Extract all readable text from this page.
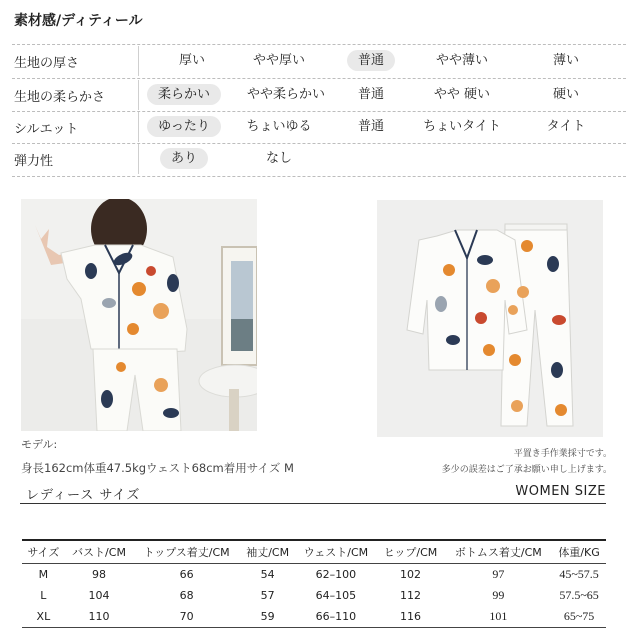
素材感/ディティール
生地の厚さ	厚い	やや厚い	普通	やや薄い	薄い
生地の柔らかさ	柔らかい	やや柔らかい	普通	やや 硬い	硬い
シルエット	ゆったり	ちょいゆる	普通	ちょいタイト	タイト
弾力性	あり	なし
モデル:
身長162cm体重47.5kgウェスト68cm着用サイズ M
平置き手作業採寸です。
多少の誤差はご了承お願い申し上げます。
レディース サイズ	WOMEN SIZE
サイズ	バスト/CM	トップス着丈/CM	袖丈/CM	ウェスト/CM	ヒップ/CM	ボトムス着丈/CM	体重/KG
M	98	66	54	62–100	102	97	45~57.5
L	104	68	57	64–105	112	99	57.5~65
XL	110	70	59	66–110	116	101	65~75
